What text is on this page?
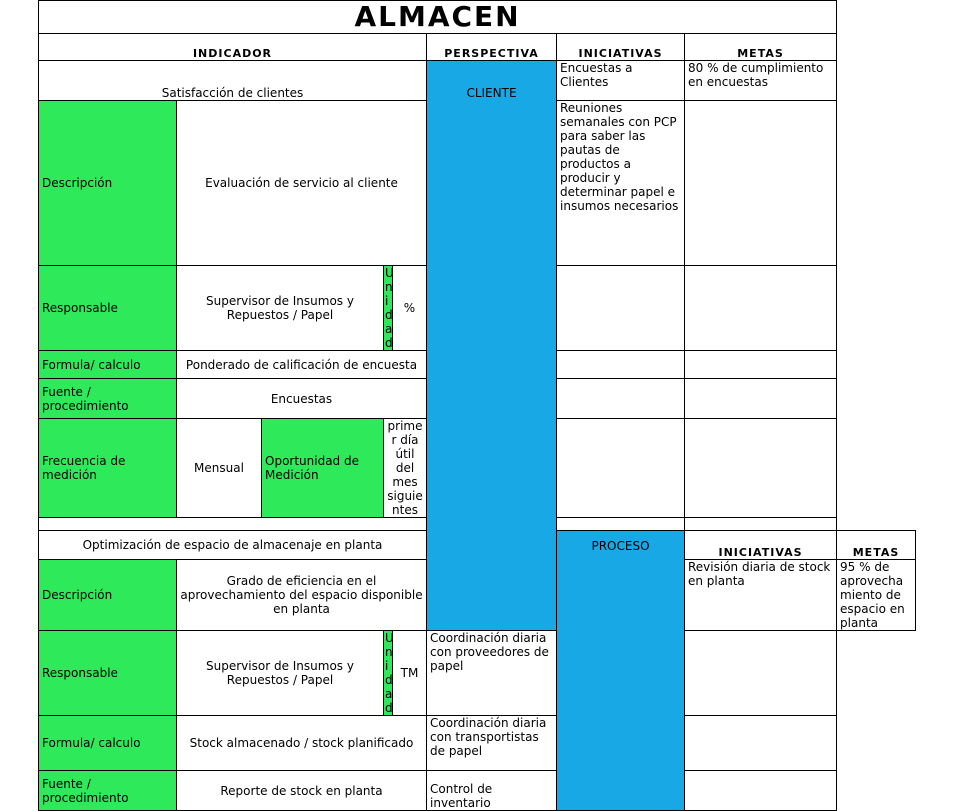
ALMACEN								
INDICADOR					PERSPECTIVA	INICIATIVAS	METAS	
Satisfacción de clientes					CLIENTE	Encuestas a Clientes	80 % de cumplimiento en encuestas	
Descripción	Evaluación de servicio al cliente					Reuniones semanales con PCP para saber las pautas de productos a producir y determinar papel e insumos necesarios		
Responsable	Supervisor de Insumos y Repuestos / Papel		Unidad	%				
Formula/ calculo	Ponderado de calificación de encuesta							
Fuente / procedimiento	Encuestas							
Frecuencia de medición	Mensual	Oportunidad de Medición	primer día útil del mes siguientes					

Optimización de espacio de almacenaje en planta						PROCESO	INICIATIVAS	METAS
Descripción	Grado de eficiencia en el aprovechamiento del espacio disponible en planta						Revisión diaria de stock en planta	95 % de aprovechamiento de espacio en planta
Responsable	Supervisor de Insumos y Repuestos / Papel		Unidad	TM	Coordinación diaria con proveedores de papel			
Formula/ calculo	Stock almacenado / stock planificado				Coordinación diaria con transportistas de papel			
Fuente / procedimiento	Reporte de stock en planta				Control de inventario			
